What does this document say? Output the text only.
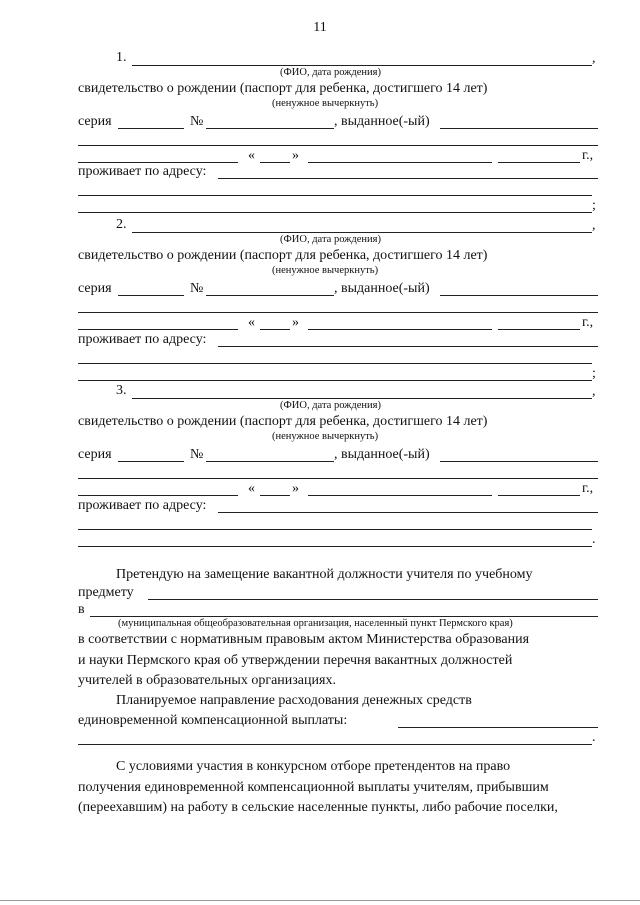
11
1.	,
(ФИО, дата рождения)
свидетельство о рождении (паспорт для ребенка, достигшего 14 лет)
(ненужное вычеркнуть)
серия	№	, выданное(-ый)
«	»	г.,
проживает по адресу:
;
2.	,
(ФИО, дата рождения)
свидетельство о рождении (паспорт для ребенка, достигшего 14 лет)
(ненужное вычеркнуть)
серия	№	, выданное(-ый)
«	»	г.,
проживает по адресу:
;
3.	,
(ФИО, дата рождения)
свидетельство о рождении (паспорт для ребенка, достигшего 14 лет)
(ненужное вычеркнуть)
серия	№	, выданное(-ый)
«	»	г.,
проживает по адресу:
.
Претендую на замещение вакантной должности учителя по учебному
предмету
в
(муниципальная общеобразовательная организация, населенный пункт Пермского края)
в соответствии с нормативным правовым актом Министерства образования
и науки Пермского края об утверждении перечня вакантных должностей
учителей в образовательных организациях.
Планируемое направление расходования денежных средств
единовременной компенсационной выплаты:
.
С условиями участия в конкурсном отборе претендентов на право
получения единовременной компенсационной выплаты учителям, прибывшим
(переехавшим) на работу в сельские населенные пункты, либо рабочие поселки,
